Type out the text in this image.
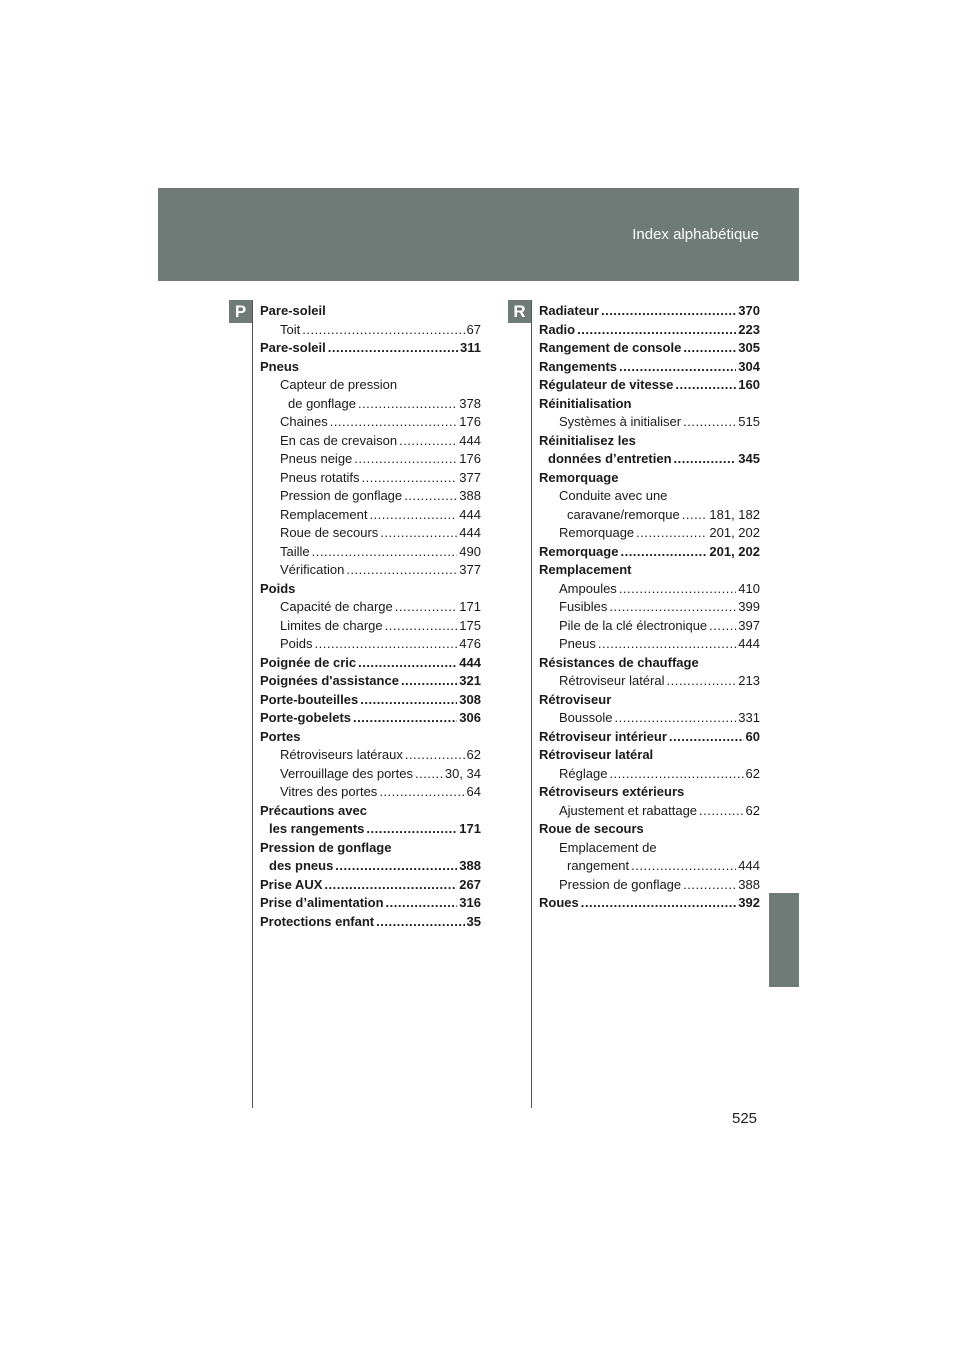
Index alphabétique
P	R
Pare-soleil
Toit .....	67
Pare-soleil .....	311
Pneus
Capteur de pression
de gonflage .....	378
Chaines .....	176
En cas de crevaison .....	444
Pneus neige .....	176
Pneus rotatifs .....	377
Pression de gonflage .....	388
Remplacement .....	444
Roue de secours .....	444
Taille .....	490
Vérification .....	377
Poids
Capacité de charge .....	171
Limites de charge .....	175
Poids .....	476
Poignée de cric .....	444
Poignées d'assistance .....	321
Porte-bouteilles .....	308
Porte-gobelets .....	306
Portes
Rétroviseurs latéraux .....	62
Verrouillage des portes ..... 30, 34
Vitres des portes .....	64
Précautions avec
les rangements .....	171
Pression de gonflage
des pneus .....	388
Prise AUX .....	267
Prise d’alimentation .....	316
Protections enfant .....	35
Radiateur .....	370
Radio .....	223
Rangement de console .....	305
Rangements .....	304
Régulateur de vitesse .....	160
Réinitialisation
Systèmes à initialiser .....	515
Réinitialisez les
données d’entretien .....	345
Remorquage
Conduite avec une
caravane/remorque ..... 181, 182
Remorquage .....	201, 202
Remorquage .....	201, 202
Remplacement
Ampoules .....	410
Fusibles .....	399
Pile de la clé électronique ..... 397
Pneus .....	444
Résistances de chauffage
Rétroviseur latéral .....	213
Rétroviseur
Boussole .....	331
Rétroviseur intérieur .....	60
Rétroviseur latéral
Réglage .....	62
Rétroviseurs extérieurs
Ajustement et rabattage .....	62
Roue de secours
Emplacement de
rangement .....	444
Pression de gonflage .....	388
Roues .....	392
525
